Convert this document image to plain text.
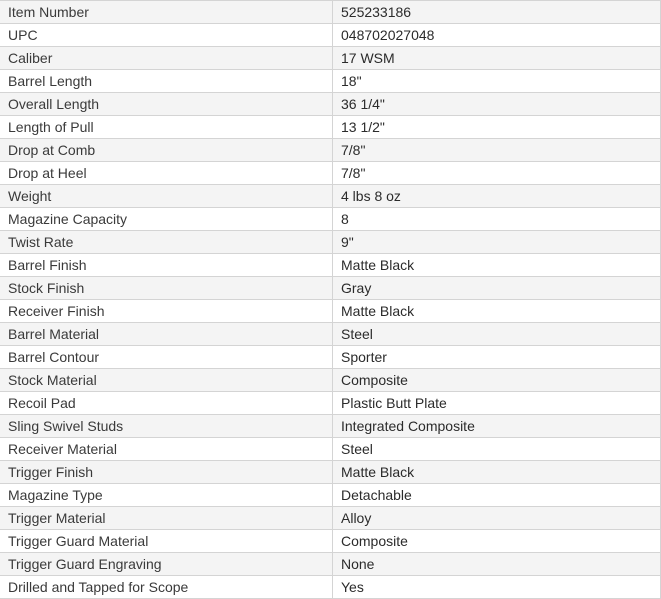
Item Number	525233186
UPC	048702027048
Caliber	17 WSM
Barrel Length	18"
Overall Length	36 1/4"
Length of Pull	13 1/2"
Drop at Comb	7/8"
Drop at Heel	7/8"
Weight	4 lbs 8 oz
Magazine Capacity	8
Twist Rate	9"
Barrel Finish	Matte Black
Stock Finish	Gray
Receiver Finish	Matte Black
Barrel Material	Steel
Barrel Contour	Sporter
Stock Material	Composite
Recoil Pad	Plastic Butt Plate
Sling Swivel Studs	Integrated Composite
Receiver Material	Steel
Trigger Finish	Matte Black
Magazine Type	Detachable
Trigger Material	Alloy
Trigger Guard Material	Composite
Trigger Guard Engraving	None
Drilled and Tapped for Scope	Yes
